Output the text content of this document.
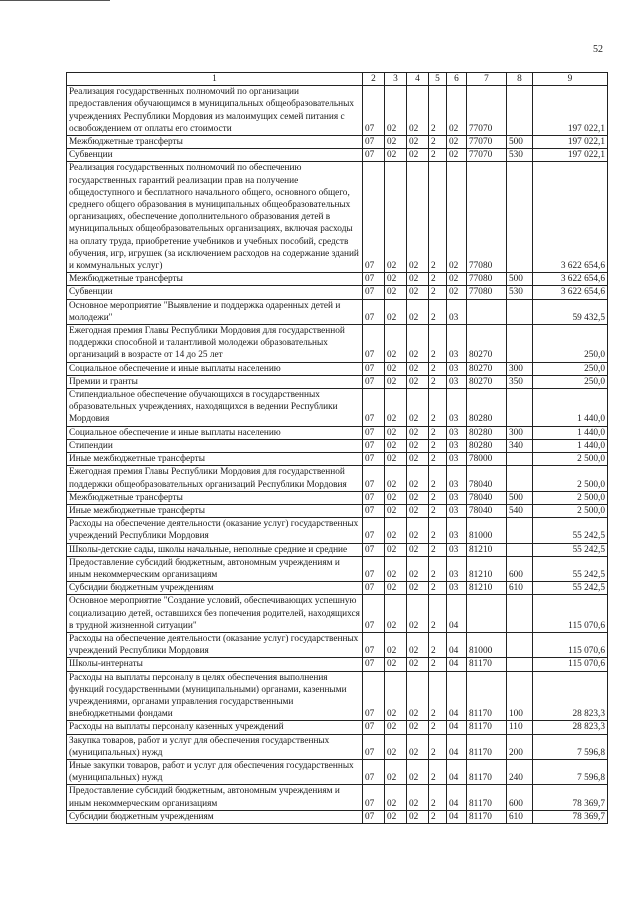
52
1	2	3	4	5	6	7	8	9
Реализация государственных полномочий по организации предоставления обучающимся в муниципальных общеобразовательных учреждениях Республики Мордовия из малоимущих семей питания с освобождением от оплаты его стоимости	07	02	02	2	02	77070		197 022,1
Межбюджетные трансферты	07	02	02	2	02	77070	500	197 022,1
Субвенции	07	02	02	2	02	77070	530	197 022,1
Реализация государственных полномочий по обеспечению государственных гарантий реализации прав на получение общедоступного и бесплатного начального общего, основного общего, среднего общего образования в муниципальных общеобразовательных организациях, обеспечение дополнительного образования детей в муниципальных общеобразовательных организациях, включая расходы на оплату труда, приобретение учебников и учебных пособий, средств обучения, игр, игрушек (за исключением расходов на содержание зданий и коммунальных услуг)	07	02	02	2	02	77080		3 622 654,6
Межбюджетные трансферты	07	02	02	2	02	77080	500	3 622 654,6
Субвенции	07	02	02	2	02	77080	530	3 622 654,6
Основное мероприятие "Выявление и поддержка одаренных детей и молодежи"	07	02	02	2	03			59 432,5
Ежегодная премия Главы Республики Мордовия для государственной поддержки способной и талантливой молодежи образовательных организаций в возрасте от 14 до 25 лет	07	02	02	2	03	80270		250,0
Социальное обеспечение и иные выплаты населению	07	02	02	2	03	80270	300	250,0
Премии и гранты	07	02	02	2	03	80270	350	250,0
Стипендиальное обеспечение обучающихся в государственных образовательных учреждениях, находящихся в ведении Республики Мордовия	07	02	02	2	03	80280		1 440,0
Социальное обеспечение и иные выплаты населению	07	02	02	2	03	80280	300	1 440,0
Стипендии	07	02	02	2	03	80280	340	1 440,0
Иные межбюджетные трансферты	07	02	02	2	03	78000		2 500,0
Ежегодная премия Главы Республики Мордовия для государственной поддержки общеобразовательных организаций Республики Мордовия	07	02	02	2	03	78040		2 500,0
Межбюджетные трансферты	07	02	02	2	03	78040	500	2 500,0
Иные межбюджетные трансферты	07	02	02	2	03	78040	540	2 500,0
Расходы на обеспечение деятельности (оказание услуг) государственных учреждений Республики Мордовия	07	02	02	2	03	81000		55 242,5
Школы-детские сады, школы начальные, неполные средние и средние	07	02	02	2	03	81210		55 242,5
Предоставление субсидий бюджетным, автономным учреждениям и иным некоммерческим организациям	07	02	02	2	03	81210	600	55 242,5
Субсидии бюджетным учреждениям	07	02	02	2	03	81210	610	55 242,5
Основное мероприятие "Создание условий, обеспечивающих успешную социализацию детей, оставшихся без попечения родителей, находящихся в трудной жизненной ситуации"	07	02	02	2	04			115 070,6
Расходы на обеспечение деятельности (оказание услуг) государственных учреждений Республики Мордовия	07	02	02	2	04	81000		115 070,6
Школы-интернаты	07	02	02	2	04	81170		115 070,6
Расходы на выплаты персоналу в целях обеспечения выполнения функций государственными (муниципальными) органами, казенными учреждениями, органами управления государственными внебюджетными фондами	07	02	02	2	04	81170	100	28 823,3
Расходы на выплаты персоналу казенных учреждений	07	02	02	2	04	81170	110	28 823,3
Закупка товаров, работ и услуг для обеспечения государственных (муниципальных) нужд	07	02	02	2	04	81170	200	7 596,8
Иные закупки товаров, работ и услуг для обеспечения государственных (муниципальных) нужд	07	02	02	2	04	81170	240	7 596,8
Предоставление субсидий бюджетным, автономным учреждениям и иным некоммерческим организациям	07	02	02	2	04	81170	600	78 369,7
Субсидии бюджетным учреждениям	07	02	02	2	04	81170	610	78 369,7
